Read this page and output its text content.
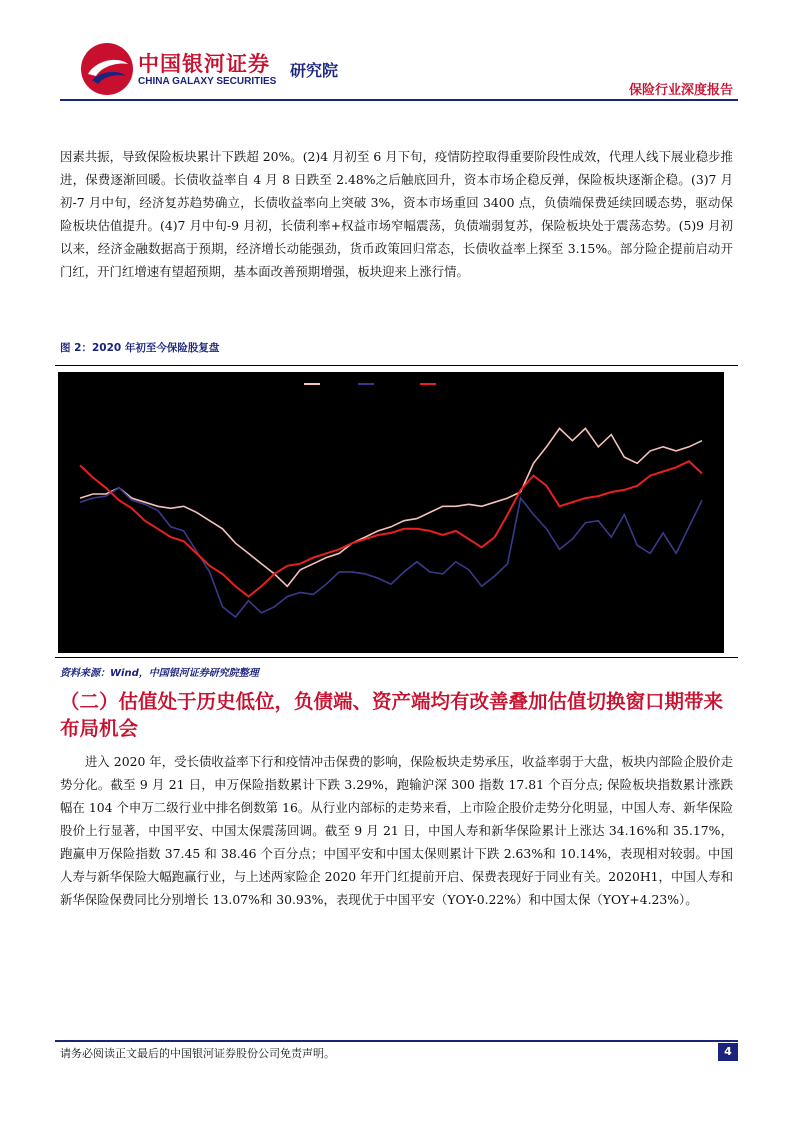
中国银河证券
CHINA GALAXY SECURITIES
研究院
保险行业深度报告

因素共振，导致保险板块累计下跌超 20%。(2)4 月初至 6 月下旬，疫情防控取得重要阶段性成效，代理人线下展业稳步推进，保费逐渐回暖。长债收益率自 4 月 8 日跌至 2.48%之后触底回升，资本市场企稳反弹，保险板块逐渐企稳。(3)7 月初-7 月中旬，经济复苏趋势确立，长债收益率向上突破 3%，资本市场重回 3400 点，负债端保费延续回暖态势，驱动保险板块估值提升。(4)7 月中旬-9 月初，长债利率+权益市场窄幅震荡，负债端弱复苏，保险板块处于震荡态势。(5)9 月初以来，经济金融数据高于预期，经济增长动能强劲，货币政策回归常态，长债收益率上探至 3.15%。部分险企提前启动开门红，开门红增速有望超预期，基本面改善预期增强，板块迎来上涨行情。

图 2：2020 年初至今保险股复盘
资料来源：Wind，中国银河证券研究院整理
（二）估值处于历史低位，负债端、资产端均有改善叠加估值切换窗口期带来布局机会

进入 2020 年，受长债收益率下行和疫情冲击保费的影响，保险板块走势承压，收益率弱于大盘，板块内部险企股价走势分化。截至 9 月 21 日，申万保险指数累计下跌 3.29%，跑输沪深 300 指数 17.81 个百分点; 保险板块指数累计涨跌幅在 104 个申万二级行业中排名倒数第 16。从行业内部标的走势来看，上市险企股价走势分化明显，中国人寿、新华保险股价上行显著，中国平安、中国太保震荡回调。截至 9 月 21 日，中国人寿和新华保险累计上涨达 34.16%和 35.17%，跑赢申万保险指数 37.45 和 38.46 个百分点；中国平安和中国太保则累计下跌 2.63%和 10.14%，表现相对较弱。中国人寿与新华保险大幅跑赢行业，与上述两家险企 2020 年开门红提前开启、保费表现好于同业有关。2020H1，中国人寿和新华保险保费同比分别增长 13.07%和 30.93%，表现优于中国平安（YOY-0.22%）和中国太保（YOY+4.23%）。

请务必阅读正文最后的中国银河证券股份公司免责声明。	4
